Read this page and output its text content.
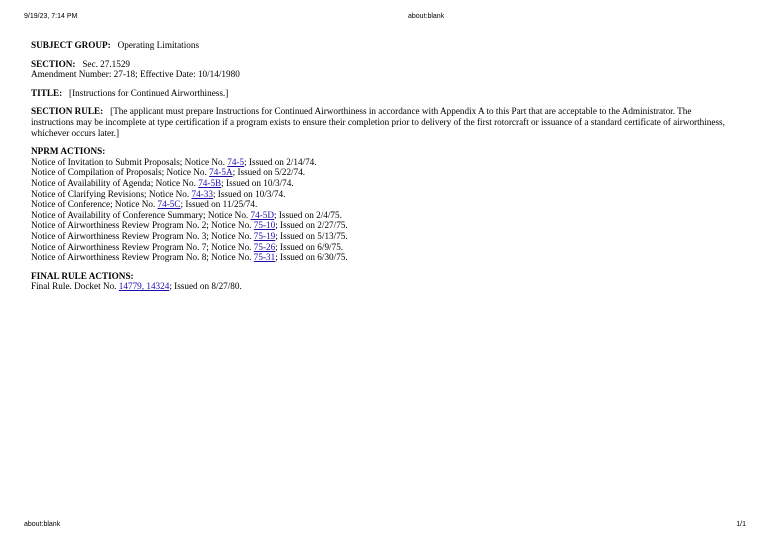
9/19/23, 7:14 PM	about:blank
SUBJECT GROUP: Operating Limitations
SECTION: Sec. 27.1529
Amendment Number: 27-18; Effective Date: 10/14/1980
TITLE: [Instructions for Continued Airworthiness.]
SECTION RULE: [The applicant must prepare Instructions for Continued Airworthiness in accordance with Appendix A to this Part that are acceptable to the Administrator. The instructions may be incomplete at type certification if a program exists to ensure their completion prior to delivery of the first rotorcraft or issuance of a standard certificate of airworthiness, whichever occurs later.]
NPRM ACTIONS:
Notice of Invitation to Submit Proposals; Notice No. 74-5; Issued on 2/14/74.
Notice of Compilation of Proposals; Notice No. 74-5A; Issued on 5/22/74.
Notice of Availability of Agenda; Notice No. 74-5B; Issued on 10/3/74.
Notice of Clarifying Revisions; Notice No. 74-33; Issued on 10/3/74.
Notice of Conference; Notice No. 74-5C; Issued on 11/25/74.
Notice of Availability of Conference Summary; Notice No. 74-5D; Issued on 2/4/75.
Notice of Airworthiness Review Program No. 2; Notice No. 75-10; Issued on 2/27/75.
Notice of Airworthiness Review Program No. 3; Notice No. 75-19; Issued on 5/13/75.
Notice of Airworthiness Review Program No. 7; Notice No. 75-26; Issued on 6/9/75.
Notice of Airworthiness Review Program No. 8; Notice No. 75-31; Issued on 6/30/75.
FINAL RULE ACTIONS:
Final Rule. Docket No. 14779, 14324; Issued on 8/27/80.
about:blank	1/1
